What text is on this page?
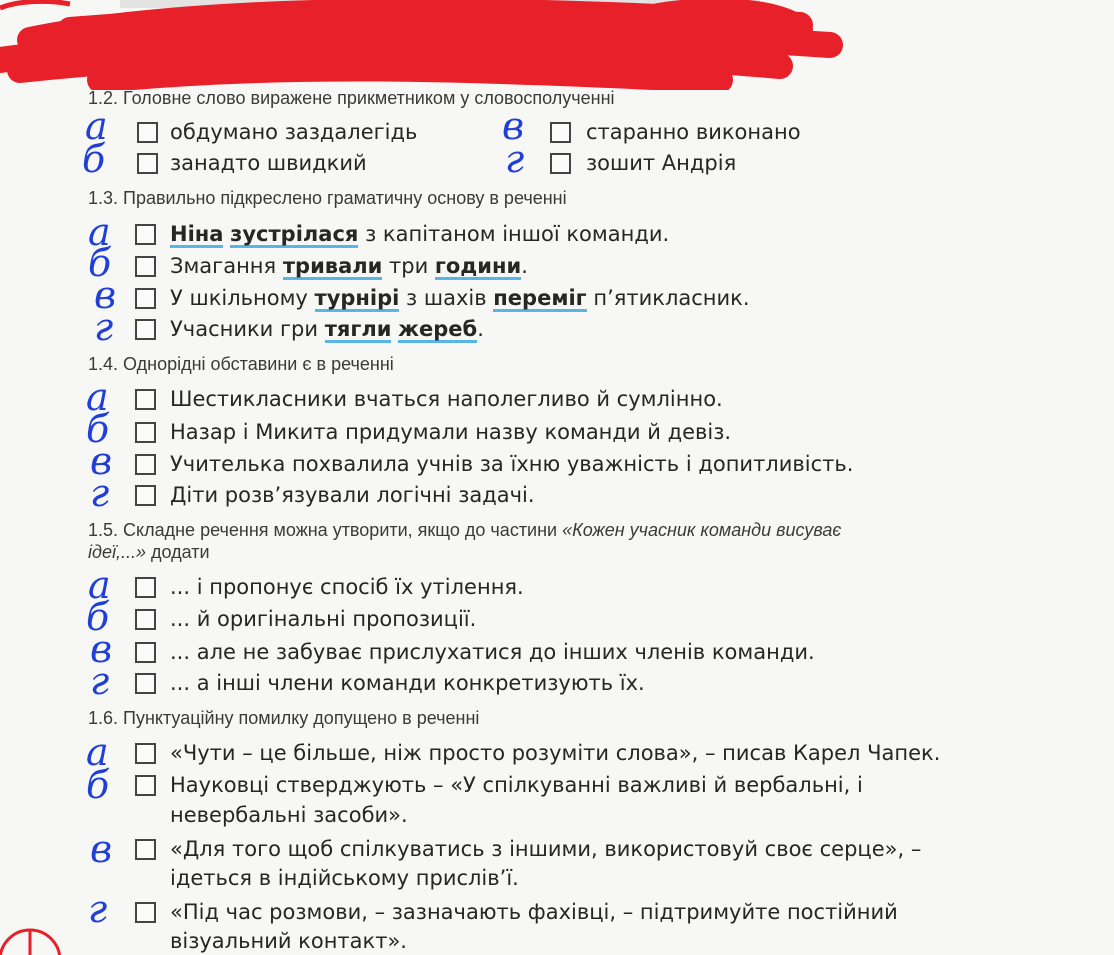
1.2. Головне слово виражене прикметником у словосполученні
а	обдумано заздалегідь
б	занадто швидкий
в	старанно виконано
г	зошит Андрія
1.3. Правильно підкреслено граматичну основу в реченні
а	Ніна зустрілася з капітаном іншої команди.
б	Змагання тривали три години.
в	У шкільному турнірі з шахів переміг п’ятикласник.
г	Учасники гри тягли жереб.
1.4. Однорідні обставини є в реченні
а	Шестикласники вчаться наполегливо й сумлінно.
б	Назар і Микита придумали назву команди й девіз.
в	Учителька похвалила учнів за їхню уважність і допитливість.
г	Діти розв’язували логічні задачі.
1.5. Складне речення можна утворити, якщо до частини «Кожен учасник команди висуває
ідеї,...» додати
а	... і пропонує спосіб їх утілення.
б	... й оригінальні пропозиції.
в	... але не забуває прислухатися до інших членів команди.
г	... а інші члени команди конкретизують їх.
1.6. Пунктуаційну помилку допущено в реченні
а	«Чути – це більше, ніж просто розуміти слова», – писав Карел Чапек.
б	Науковці стверджують – «У спілкуванні важливі й вербальні, і
невербальні засоби».
в	«Для того щоб спілкуватись з іншими, використовуй своє серце», –
ідеться в індійському прислів’ї.
г	«Під час розмови, – зазначають фахівці, – підтримуйте постійний
візуальний контакт».
